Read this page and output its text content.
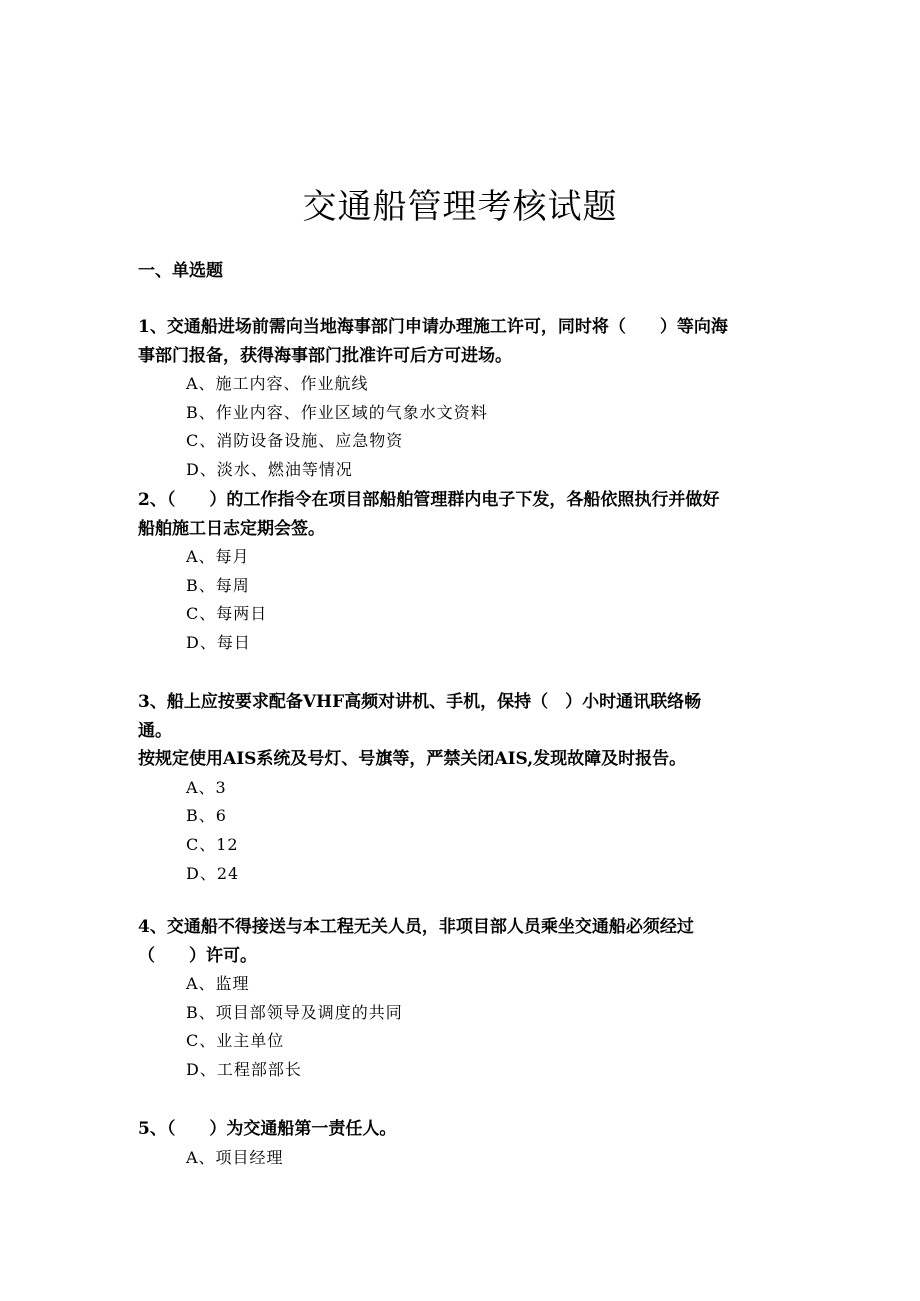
交通船管理考核试题
一、单选题
1、交通船进场前需向当地海事部门申请办理施工许可，同时将（　　）等向海
事部门报备，获得海事部门批准许可后方可进场。
A、施工内容、作业航线
B、作业内容、作业区域的气象水文资料
C、消防设备设施、应急物资
D、淡水、燃油等情况
2、（　　）的工作指令在项目部船舶管理群内电子下发，各船依照执行并做好
船舶施工日志定期会签。
A、每月
B、每周
C、每两日
D、每日
3、船上应按要求配备VHF高频对讲机、手机，保持（　）小时通讯联络畅
通。
按规定使用AIS系统及号灯、号旗等，严禁关闭AIS,发现故障及时报告。
A、3
B、6
C、12
D、24
4、交通船不得接送与本工程无关人员，非项目部人员乘坐交通船必须经过
（　　）许可。
A、监理
B、项目部领导及调度的共同
C、业主单位
D、工程部部长
5、（　　）为交通船第一责任人。
A、项目经理
